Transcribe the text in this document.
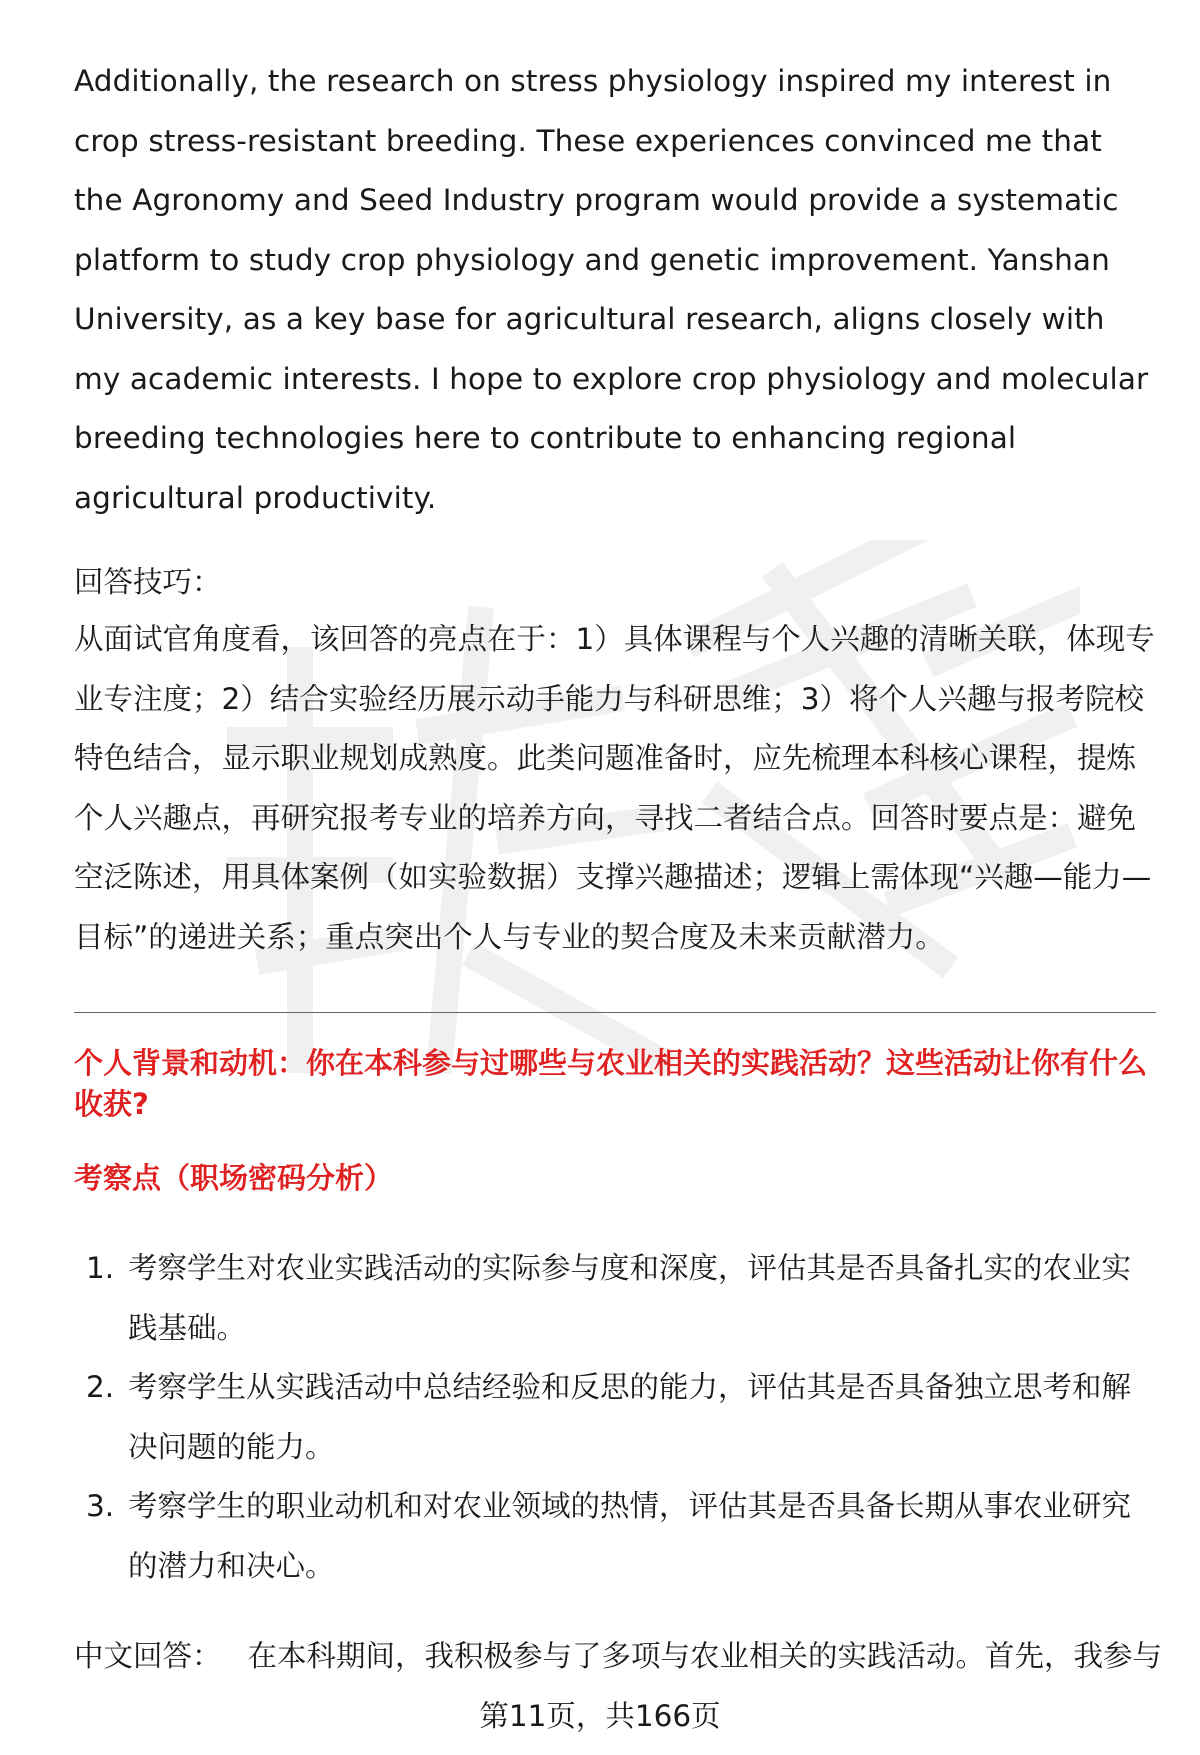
Additionally, the research on stress physiology inspired my interest in crop stress-resistant breeding. These experiences convinced me that the Agronomy and Seed Industry program would provide a systematic platform to study crop physiology and genetic improvement. Yanshan University, as a key base for agricultural research, aligns closely with my academic interests. I hope to explore crop physiology and molecular breeding technologies here to contribute to enhancing regional agricultural productivity.

回答技巧：

从面试官角度看，该回答的亮点在于：1）具体课程与个人兴趣的清晰关联，体现专业专注度；2）结合实验经历展示动手能力与科研思维；3）将个人兴趣与报考院校特色结合，显示职业规划成熟度。此类问题准备时，应先梳理本科核心课程，提炼个人兴趣点，再研究报考专业的培养方向，寻找二者结合点。回答时要点是：避免空泛陈述，用具体案例（如实验数据）支撑兴趣描述；逻辑上需体现“兴趣—能力—目标”的递进关系；重点突出个人与专业的契合度及未来贡献潜力。

个人背景和动机：你在本科参与过哪些与农业相关的实践活动？这些活动让你有什么收获?

考察点（职场密码分析）
1. 考察学生对农业实践活动的实际参与度和深度，评估其是否具备扎实的农业实践基础。
2. 考察学生从实践活动中总结经验和反思的能力，评估其是否具备独立思考和解决问题的能力。
3. 考察学生的职业动机和对农业领域的热情，评估其是否具备长期从事农业研究的潜力和决心。
中文回答： 在本科期间，我积极参与了多项与农业相关的实践活动。首先，我参与
第11页，共166页
